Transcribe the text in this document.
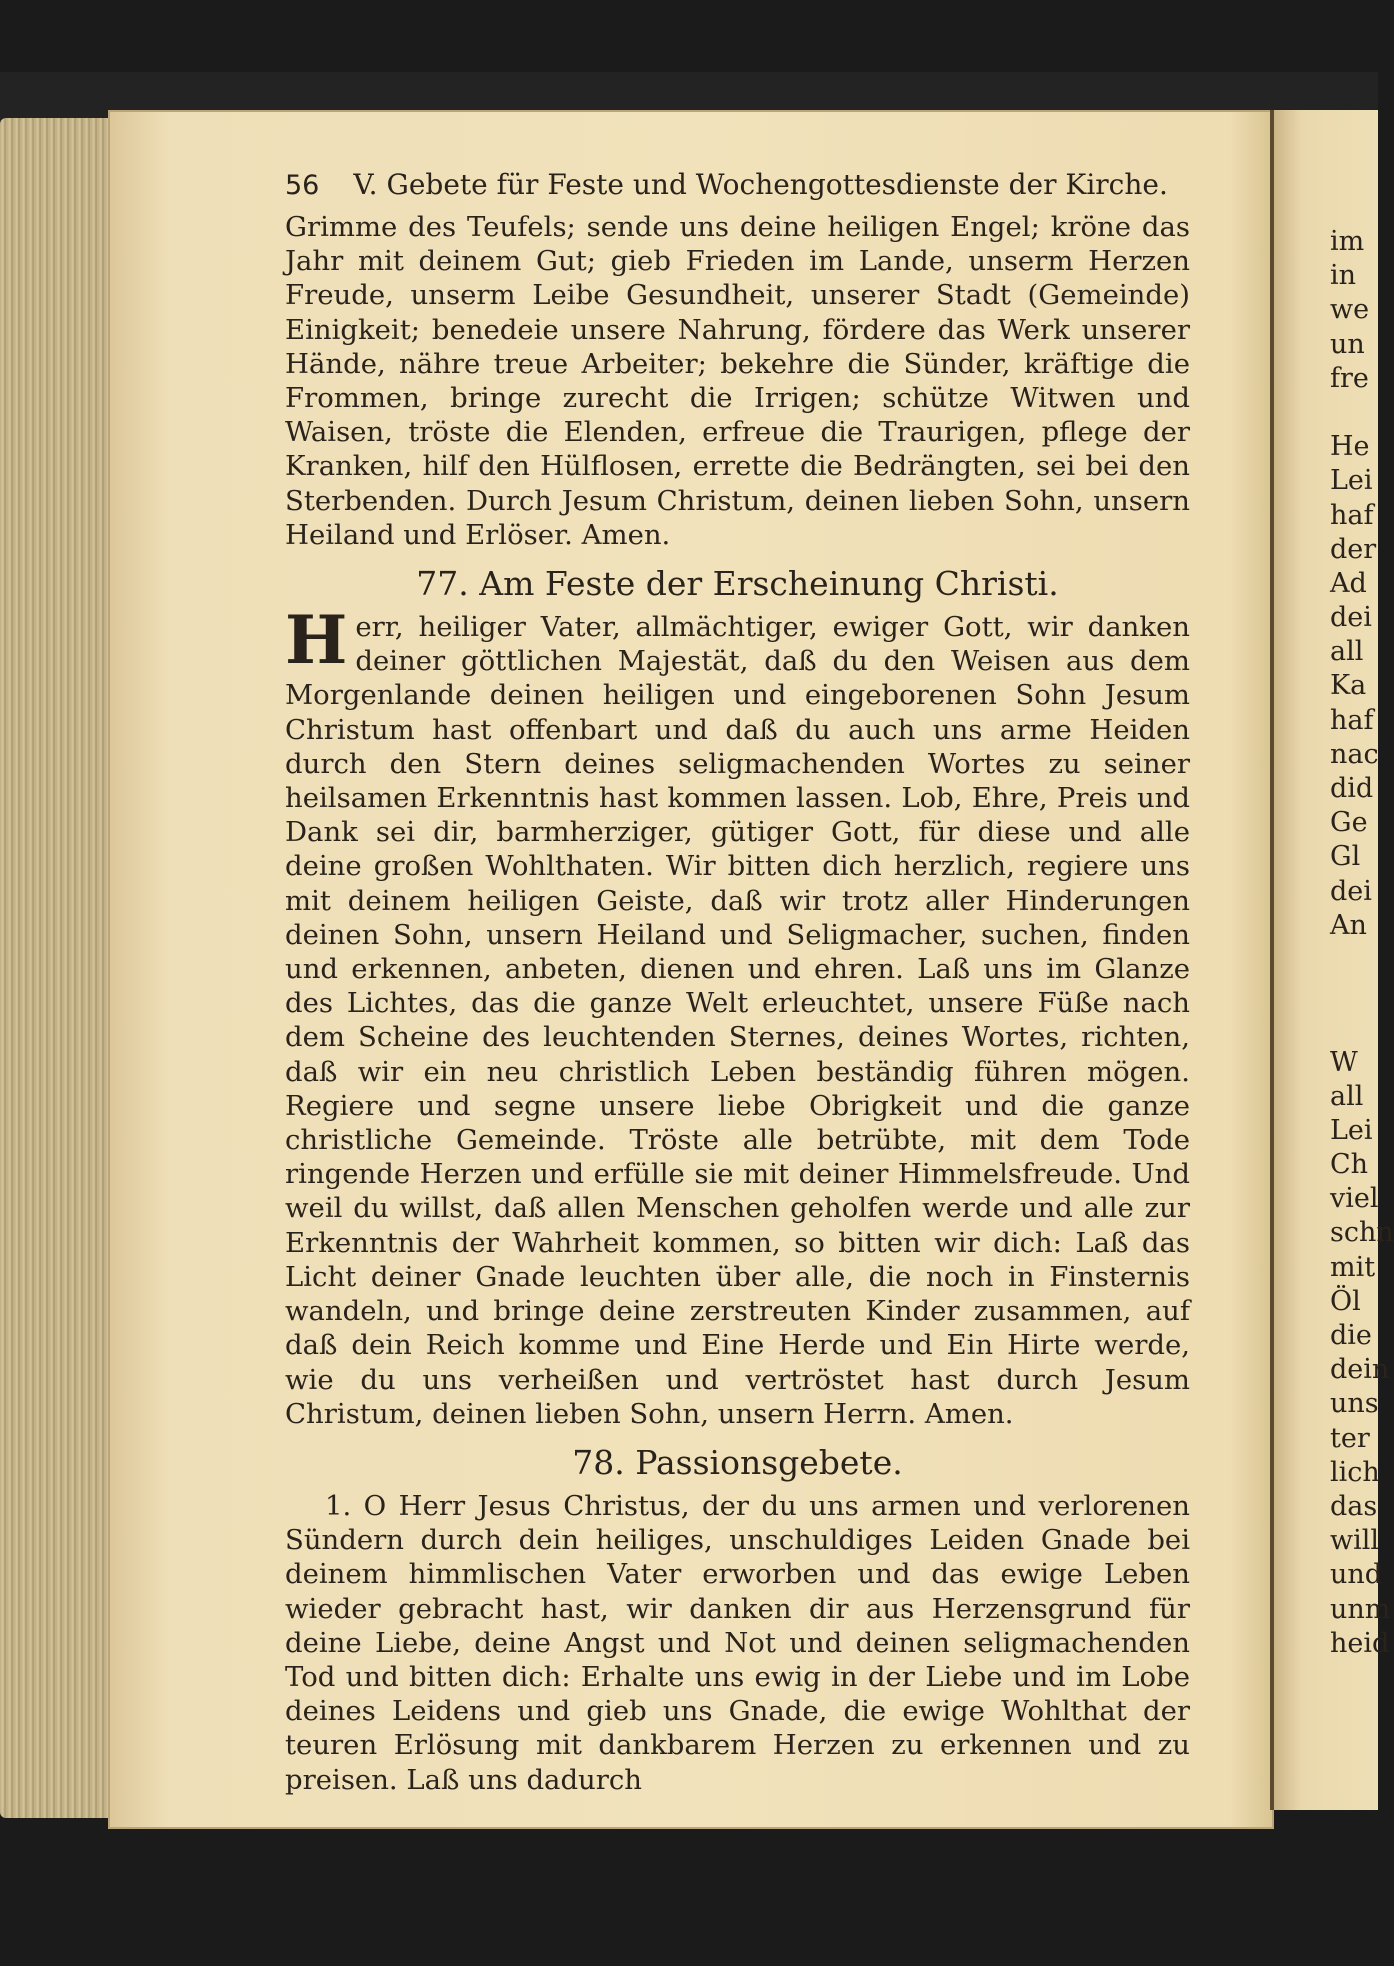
im
in
we
un
fre
He
Lei
haf
der
Ad
dei
all
Ka
haf
nac
did
Ge
Gl
dei
An
W
all
Lei
Ch
viel
schn
mit
Öl
die
dein
uns
ter
lich
das
will
und
unm
heid
56 V. Gebete für Feste und Wochengottesdienste der Kirche.

Grimme des Teufels; sende uns deine heiligen Engel; kröne das Jahr mit deinem Gut; gieb Frieden im Lande, unserm Herzen Freude, unserm Leibe Gesundheit, unserer Stadt (Gemeinde) Einigkeit; benedeie unsere Nahrung, fördere das Werk unserer Hände, nähre treue Arbeiter; bekehre die Sünder, kräftige die Frommen, bringe zurecht die Irrigen; schütze Witwen und Waisen, tröste die Elenden, erfreue die Traurigen, pflege der Kranken, hilf den Hülflosen, errette die Bedrängten, sei bei den Sterbenden. Durch Jesum Christum, deinen lieben Sohn, unsern Heiland und Erlöser. Amen.

77. Am Feste der Erscheinung Christi.

Herr, heiliger Vater, allmächtiger, ewiger Gott, wir danken deiner göttlichen Majestät, daß du den Weisen aus dem Morgenlande deinen heiligen und eingeborenen Sohn Jesum Christum hast offenbart und daß du auch uns arme Heiden durch den Stern deines seligmachenden Wortes zu seiner heilsamen Erkenntnis hast kommen lassen. Lob, Ehre, Preis und Dank sei dir, barmherziger, gütiger Gott, für diese und alle deine großen Wohlthaten. Wir bitten dich herzlich, regiere uns mit deinem heiligen Geiste, daß wir trotz aller Hinderungen deinen Sohn, unsern Heiland und Seligmacher, suchen, finden und erkennen, anbeten, dienen und ehren. Laß uns im Glanze des Lichtes, das die ganze Welt erleuchtet, unsere Füße nach dem Scheine des leuchtenden Sternes, deines Wortes, richten, daß wir ein neu christlich Leben beständig führen mögen. Regiere und segne unsere liebe Obrigkeit und die ganze christliche Gemeinde. Tröste alle betrübte, mit dem Tode ringende Herzen und erfülle sie mit deiner Himmelsfreude. Und weil du willst, daß allen Menschen geholfen werde und alle zur Erkenntnis der Wahrheit kommen, so bitten wir dich: Laß das Licht deiner Gnade leuchten über alle, die noch in Finsternis wandeln, und bringe deine zerstreuten Kinder zusammen, auf daß dein Reich komme und Eine Herde und Ein Hirte werde, wie du uns verheißen und vertröstet hast durch Jesum Christum, deinen lieben Sohn, unsern Herrn. Amen.

78. Passionsgebete.

1. O Herr Jesus Christus, der du uns armen und verlorenen Sündern durch dein heiliges, unschuldiges Leiden Gnade bei deinem himmlischen Vater erworben und das ewige Leben wieder gebracht hast, wir danken dir aus Herzensgrund für deine Liebe, deine Angst und Not und deinen seligmachenden Tod und bitten dich: Erhalte uns ewig in der Liebe und im Lobe deines Leidens und gieb uns Gnade, die ewige Wohlthat der teuren Erlösung mit dankbarem Herzen zu erkennen und zu preisen. Laß uns dadurch
